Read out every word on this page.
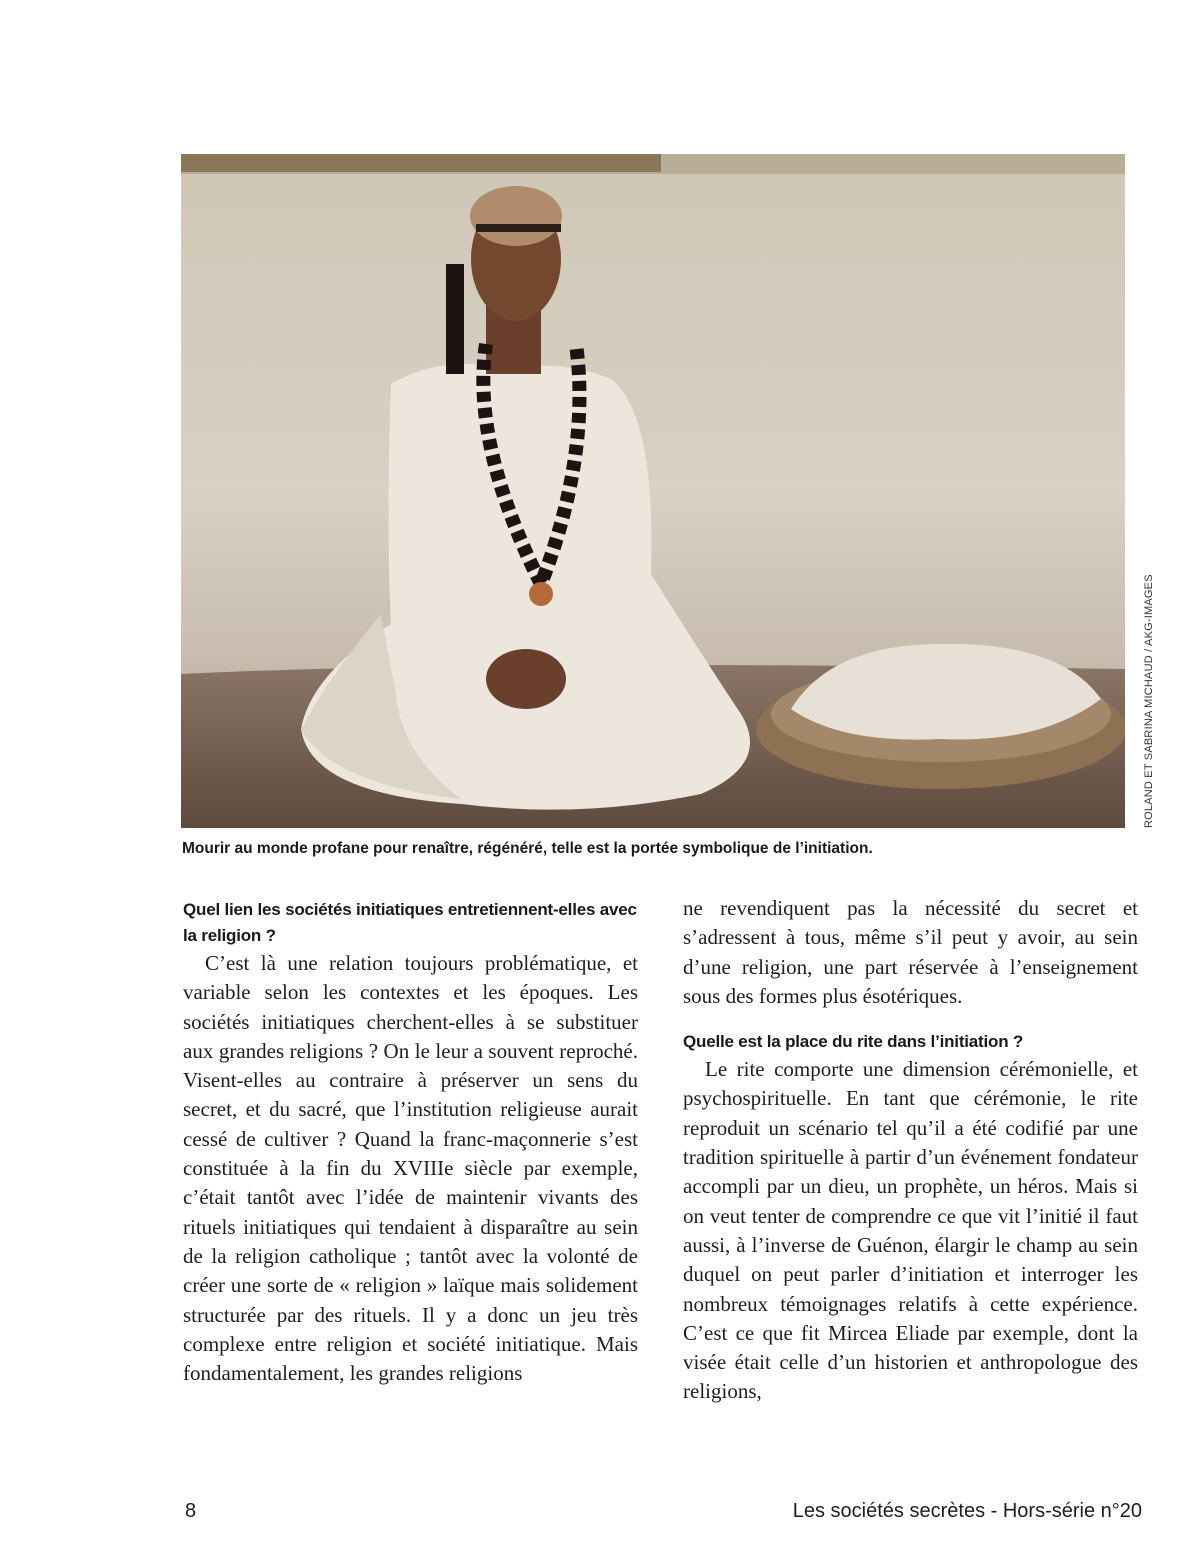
ROLAND ET SABRINA MICHAUD / AKG-IMAGES
Mourir au monde profane pour renaître, régénéré, telle est la portée symbolique de l’initiation.
Quel lien les sociétés initiatiques entretiennent-elles avec la religion ?

C’est là une relation toujours problématique, et variable selon les contextes et les époques. Les sociétés initiatiques cherchent-elles à se substituer aux grandes religions ? On le leur a souvent reproché. Visent-elles au contraire à préserver un sens du secret, et du sacré, que l’institution religieuse aurait cessé de cultiver ? Quand la franc-maçonnerie s’est constituée à la fin du XVIIIe siècle par exemple, c’était tantôt avec l’idée de maintenir vivants des rituels initiatiques qui tendaient à disparaître au sein de la religion catholique ; tantôt avec la volonté de créer une sorte de « religion » laïque mais solidement structurée par des rituels. Il y a donc un jeu très complexe entre religion et société initiatique. Mais fondamentalement, les grandes religions

ne revendiquent pas la nécessité du secret et s’adressent à tous, même s’il peut y avoir, au sein d’une religion, une part réservée à l’enseignement sous des formes plus ésotériques.

Quelle est la place du rite dans l’initiation ?

Le rite comporte une dimension cérémonielle, et psychospirituelle. En tant que cérémonie, le rite reproduit un scénario tel qu’il a été codifié par une tradition spirituelle à partir d’un événement fondateur accompli par un dieu, un prophète, un héros. Mais si on veut tenter de comprendre ce que vit l’initié il faut aussi, à l’inverse de Guénon, élargir le champ au sein duquel on peut parler d’initiation et interroger les nombreux témoignages relatifs à cette expérience. C’est ce que fit Mircea Eliade par exemple, dont la visée était celle d’un historien et anthropologue des religions,

8	Les sociétés secrètes - Hors-série n°20
